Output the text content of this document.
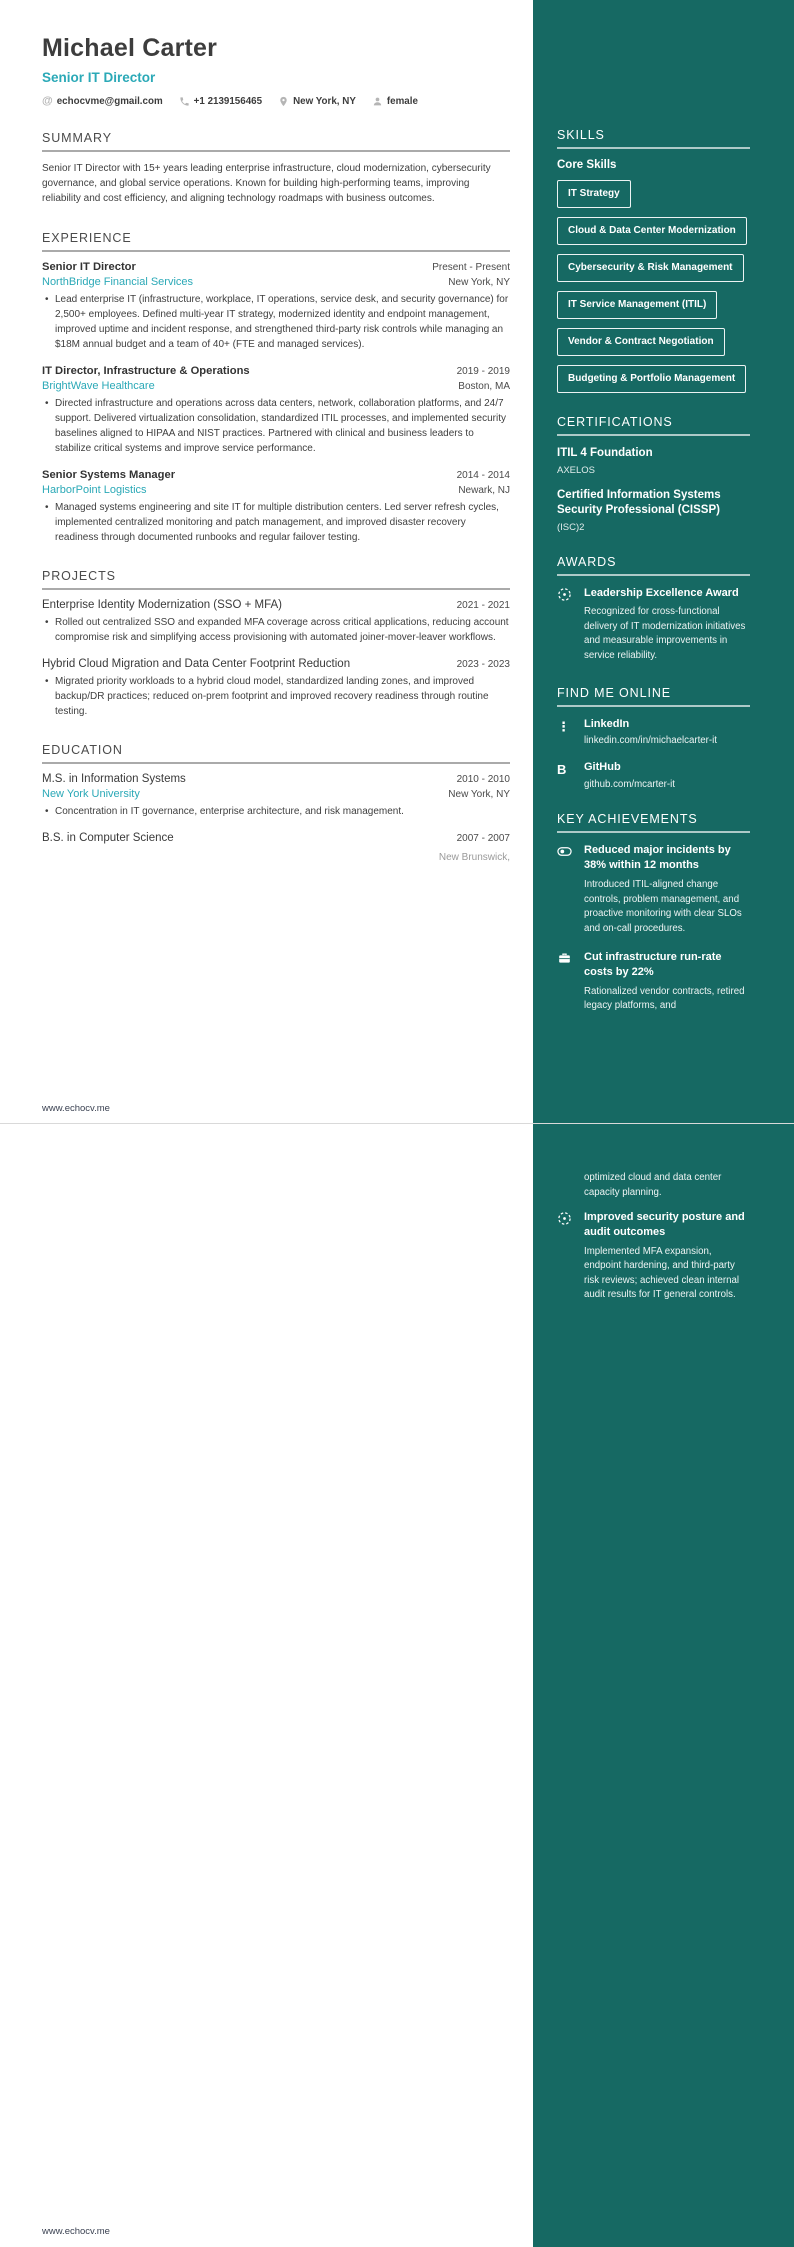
Michael Carter
Senior IT Director
@ echocvme@gmail.com	+1 2139156465	New York, NY	female
SUMMARY

Senior IT Director with 15+ years leading enterprise infrastructure, cloud modernization, cybersecurity governance, and global service operations. Known for building high-performing teams, improving reliability and cost efficiency, and aligning technology roadmaps with business outcomes.

EXPERIENCE
Senior IT Director	Present - Present
NorthBridge Financial Services	New York, NY
• Lead enterprise IT (infrastructure, workplace, IT operations, service desk, and security governance) for 2,500+ employees. Defined multi-year IT strategy, modernized identity and endpoint management, improved uptime and incident response, and strengthened third-party risk controls while managing an $18M annual budget and a team of 40+ (FTE and managed services).
IT Director, Infrastructure & Operations	2019 - 2019
BrightWave Healthcare	Boston, MA
• Directed infrastructure and operations across data centers, network, collaboration platforms, and 24/7 support. Delivered virtualization consolidation, standardized ITIL processes, and implemented security baselines aligned to HIPAA and NIST practices. Partnered with clinical and business leaders to stabilize critical systems and improve service performance.
Senior Systems Manager	2014 - 2014
HarborPoint Logistics	Newark, NJ
• Managed systems engineering and site IT for multiple distribution centers. Led server refresh cycles, implemented centralized monitoring and patch management, and improved disaster recovery readiness through documented runbooks and regular failover testing.
PROJECTS
Enterprise Identity Modernization (SSO + MFA)	2021 - 2021
• Rolled out centralized SSO and expanded MFA coverage across critical applications, reducing account compromise risk and simplifying access provisioning with automated joiner-mover-leaver workflows.
Hybrid Cloud Migration and Data Center Footprint Reduction	2023 - 2023
• Migrated priority workloads to a hybrid cloud model, standardized landing zones, and improved backup/DR practices; reduced on-prem footprint and improved recovery readiness through routine testing.
EDUCATION
M.S. in Information Systems	2010 - 2010
New York University	New York, NY
• Concentration in IT governance, enterprise architecture, and risk management.
B.S. in Computer Science	2007 - 2007
New Brunswick,
www.echocv.me
SKILLS
Core Skills
IT Strategy
Cloud & Data Center Modernization
Cybersecurity & Risk Management
IT Service Management (ITIL)
Vendor & Contract Negotiation
Budgeting & Portfolio Management
CERTIFICATIONS
ITIL 4 Foundation
AXELOS
Certified Information Systems Security Professional (CISSP)
(ISC)2
AWARDS
Leadership Excellence Award
Recognized for cross-functional delivery of IT modernization initiatives and measurable improvements in service reliability.
FIND ME ONLINE
⋮	LinkedIn
linkedin.com/in/michaelcarter-it
B	GitHub
github.com/mcarter-it
KEY ACHIEVEMENTS
Reduced major incidents by 38% within 12 months
Introduced ITIL-aligned change controls, problem management, and proactive monitoring with clear SLOs and on-call procedures.
Cut infrastructure run-rate costs by 22%
Rationalized vendor contracts, retired legacy platforms, and
optimized cloud and data center capacity planning.
Improved security posture and audit outcomes
Implemented MFA expansion, endpoint hardening, and third-party risk reviews; achieved clean internal audit results for IT general controls.
www.echocv.me
